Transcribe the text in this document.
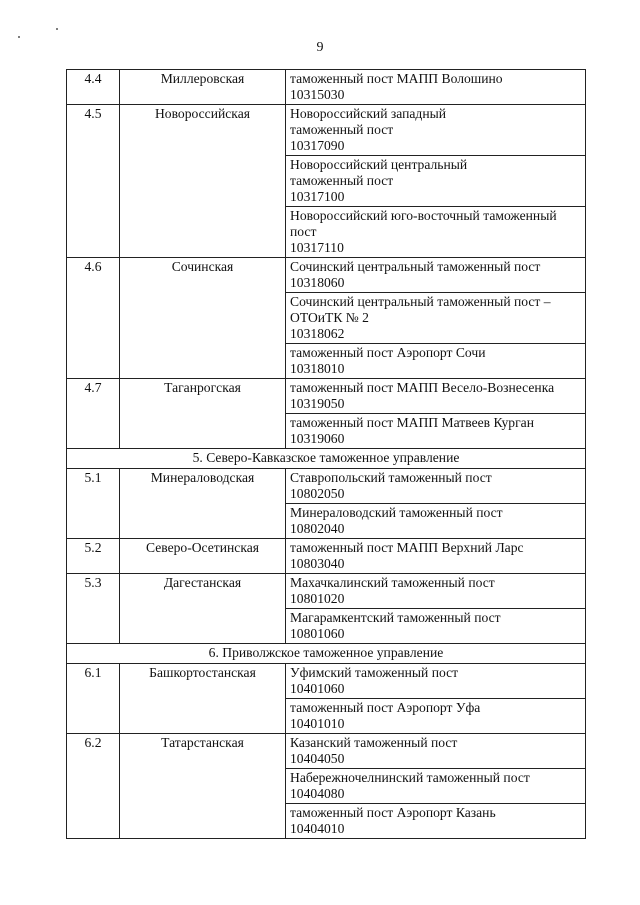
9
4.4	Миллеровская	таможенный пост МАПП Волошино
10315030

4.5	Новороссийская	Новороссийский западный
таможенный пост
10317090

		Новороссийский центральный
таможенный пост
10317100

		Новороссийский юго-восточный таможенный
пост
10317110

4.6	Сочинская	Сочинский центральный таможенный пост
10318060

		Сочинский центральный таможенный пост –
ОТОиТК № 2
10318062

		таможенный пост Аэропорт Сочи
10318010

4.7	Таганрогская	таможенный пост МАПП Весело-Вознесенка
10319050

		таможенный пост МАПП Матвеев Курган
10319060

5. Северо-Кавказское таможенное управление		
5.1	Минераловодская	Ставропольский таможенный пост
10802050

		Минераловодский таможенный пост
10802040

5.2	Северо-Осетинская	таможенный пост МАПП Верхний Ларс
10803040

5.3	Дагестанская	Махачкалинский таможенный пост
10801020

		Магарамкентский таможенный пост
10801060

6. Приволжское таможенное управление		
6.1	Башкортостанская	Уфимский таможенный пост
10401060

		таможенный пост Аэропорт Уфа
10401010

6.2	Татарстанская	Казанский таможенный пост
10404050

		Набережночелнинский таможенный пост
10404080

		таможенный пост Аэропорт Казань
10404010
